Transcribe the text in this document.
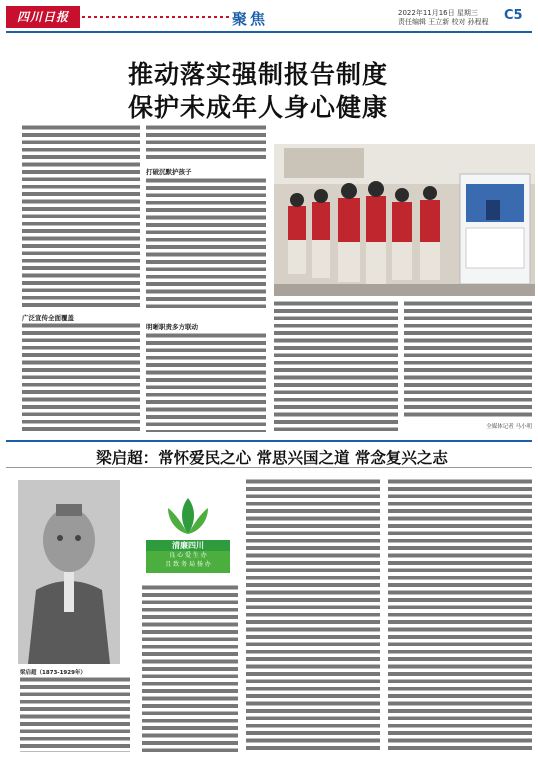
四川日报	聚焦	2022年11月16日 星期三
责任编辑 王立新 校对 孙程程	C5
推动落实强制报告制度
保护未成年人身心健康
广泛宣传全面覆盖
打破沉默护孩子
明晰职责多方联动
全媒体记者 马小明
梁启超：常怀爱民之心 常思兴国之道 常念复兴之志
梁启超（1873-1929年）
清廉四川
良 心 爱 生 办
且 致 务 局 扬 办
